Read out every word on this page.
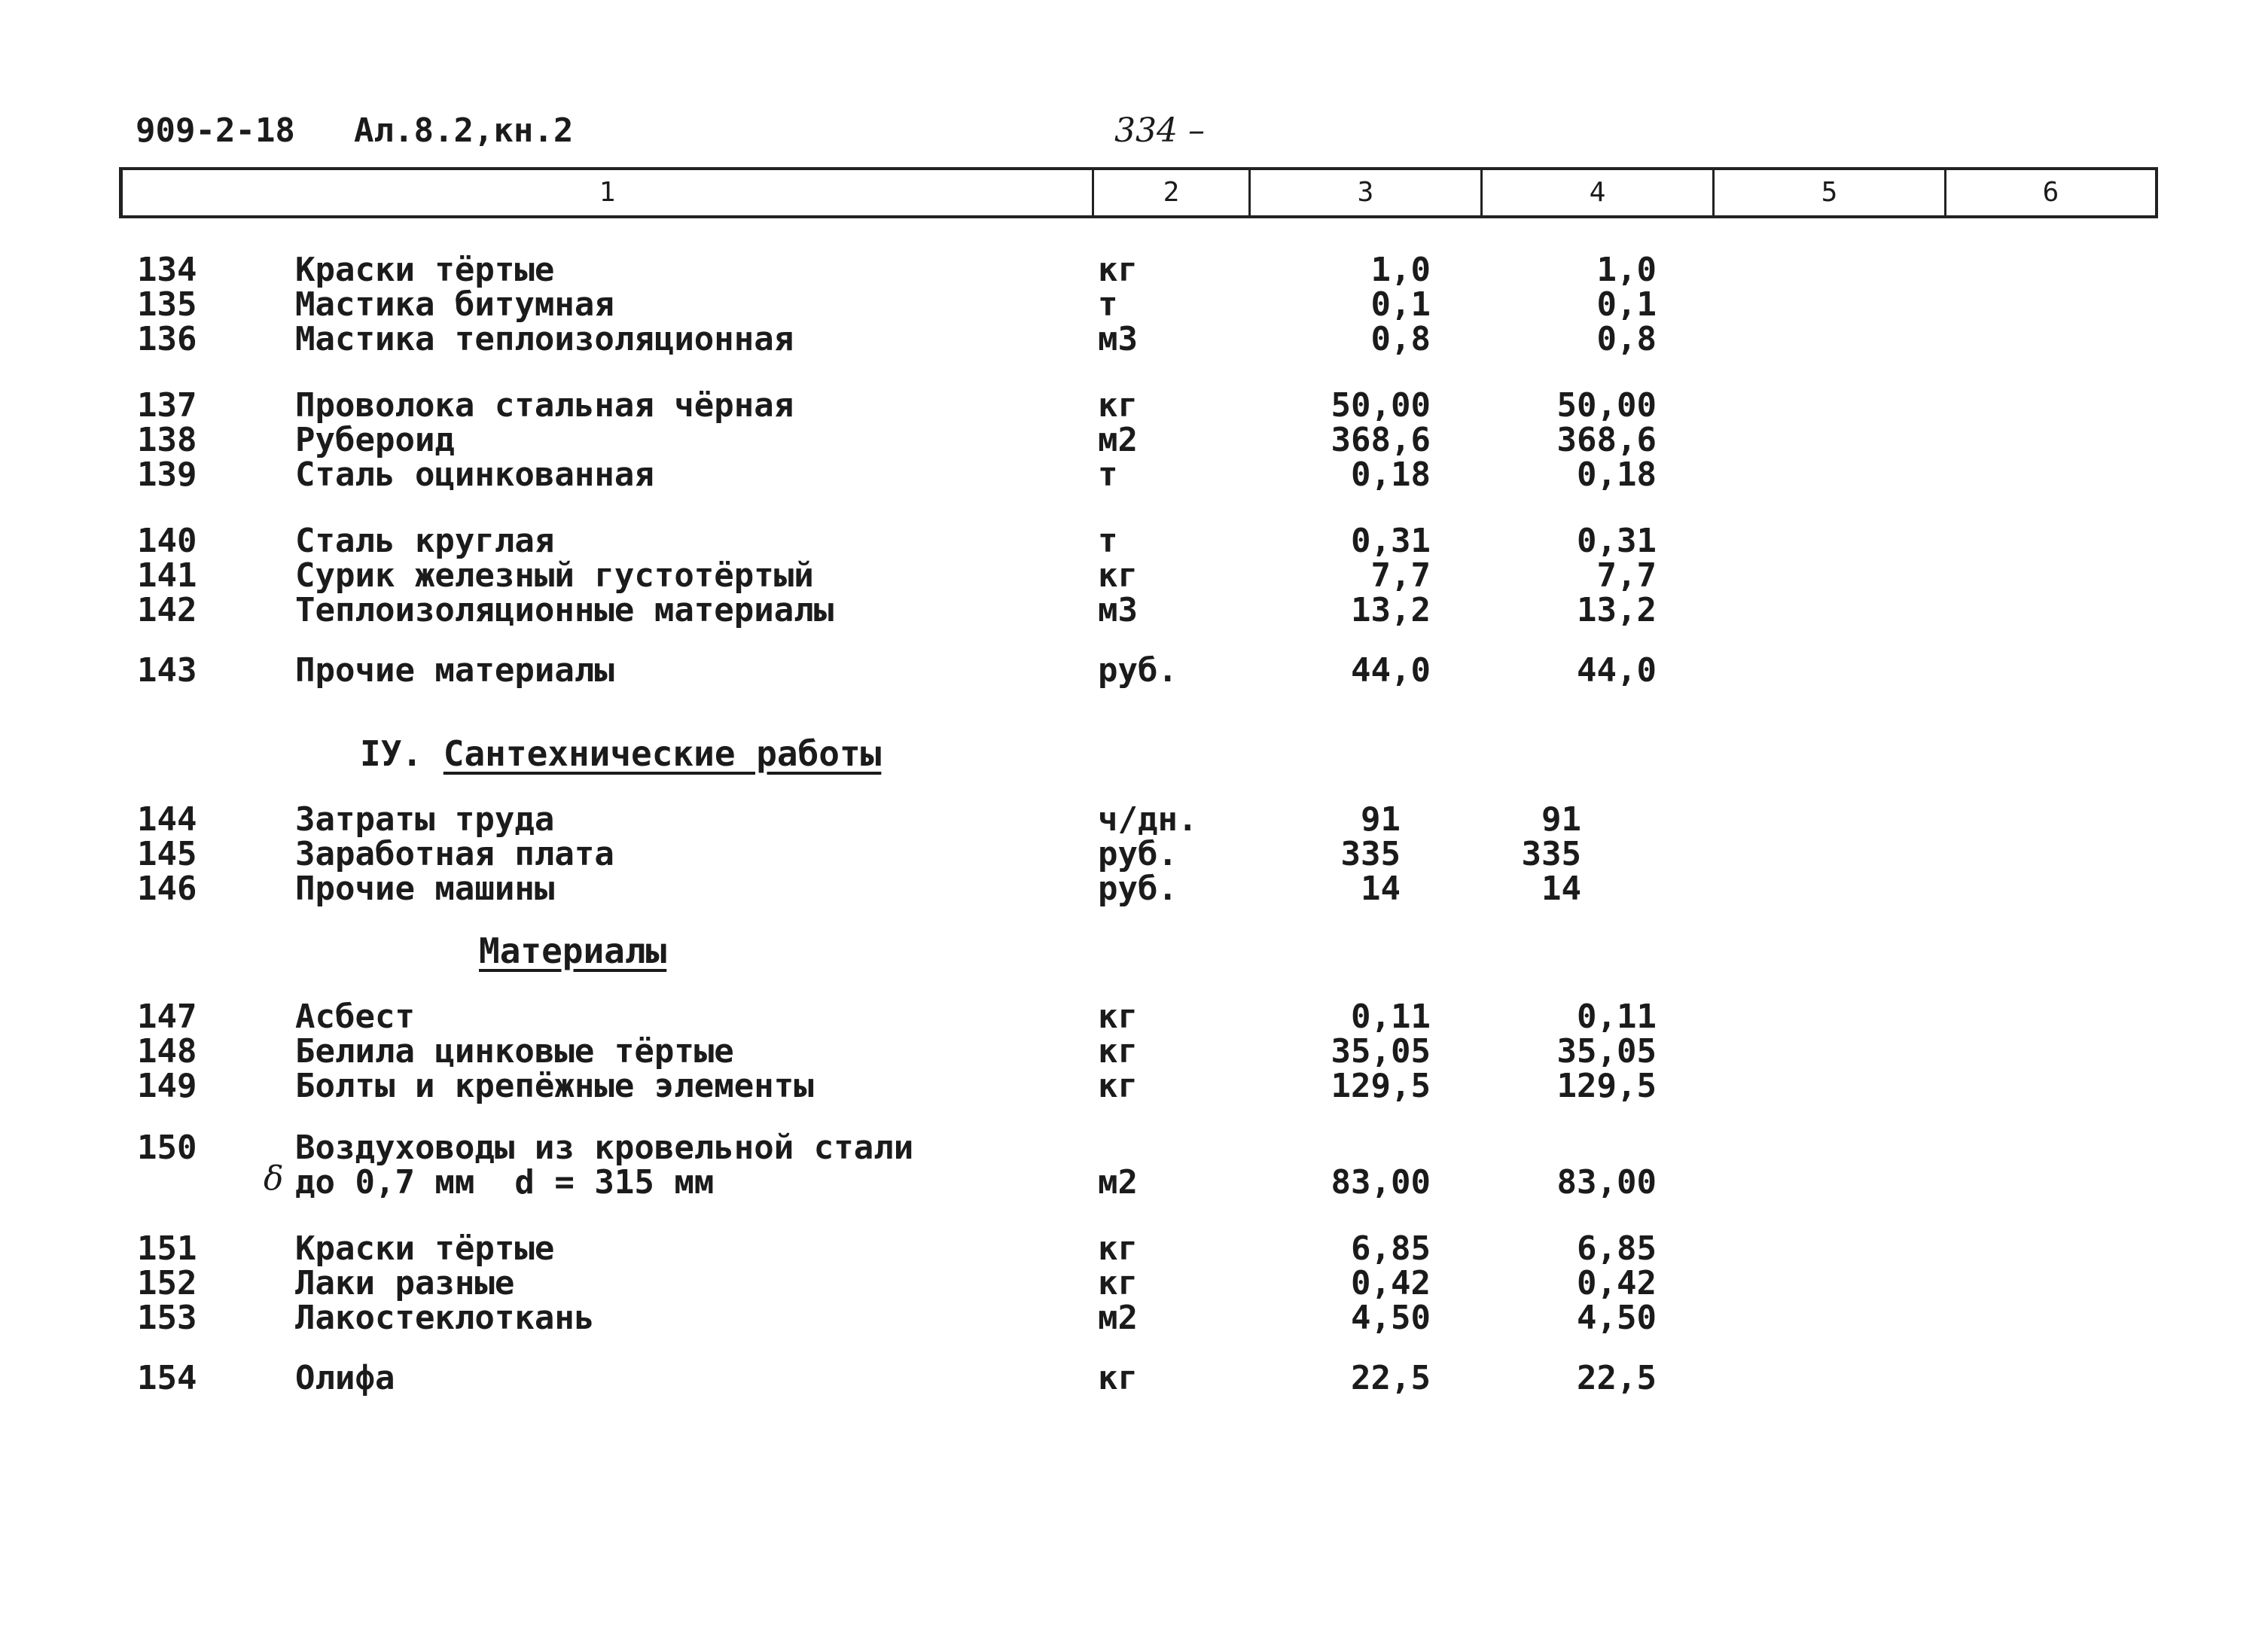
909-2-18 Ал.8.2,кн.2	334 –
1	2	3	4	5	6
134	Краски тёртые	кг	1,0	1,0
135	Мастика битумная	т	0,1	0,1
136	Мастика теплоизоляционная	м3	0,8	0,8
137	Проволока стальная чёрная	кг	50,00	50,00
138	Рубероид	м2	368,6	368,6
139	Сталь оцинкованная	т	0,18	0,18
140	Сталь круглая	т	0,31	0,31
141	Сурик железный густотёртый	кг	7,7	7,7
142	Теплоизоляционные материалы	м3	13,2	13,2
143	Прочие материалы	руб.	44,0	44,0
IУ. Сантехнические работы
144	Затраты труда	ч/дн.	91	91
145	Заработная плата	руб.	335	335
146	Прочие машины	руб.	14	14
Материалы
147	Асбест	кг	0,11	0,11
148	Белила цинковые тёртые	кг	35,05	35,05
149	Болты и крепёжные элементы	кг	129,5	129,5
150	Воздуховоды из кровельной стали
δ до 0,7 мм  d = 315 мм	м2	83,00	83,00
151	Краски тёртые	кг	6,85	6,85
152	Лаки разные	кг	0,42	0,42
153	Лакостеклоткань	м2	4,50	4,50
154	Олифа	кг	22,5	22,5
